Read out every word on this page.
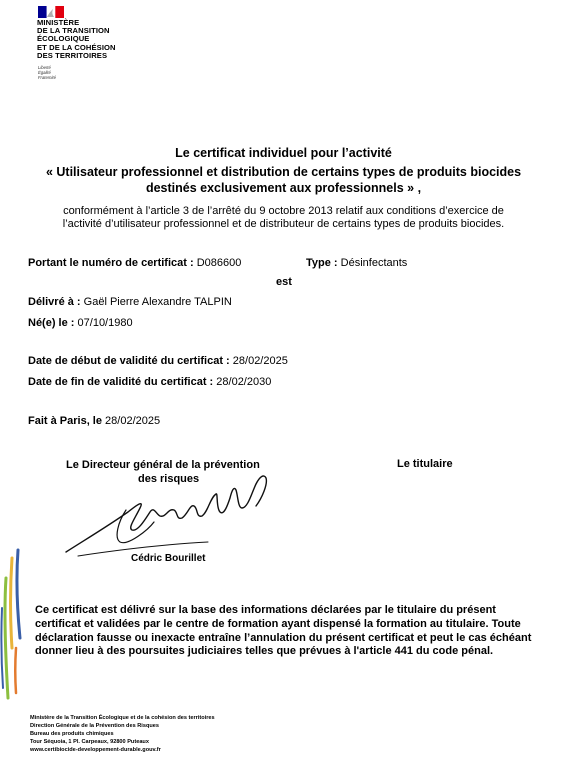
MINISTÈRE
DE LA TRANSITION
ÉCOLOGIQUE
ET DE LA COHÉSION
DES TERRITOIRES
Liberté
Égalité
Fraternité
Le certificat individuel pour l’activité
« Utilisateur professionnel et distribution de certains types de produits biocides
destinés exclusivement aux professionnels » ,
conformément à l’article 3 de l’arrêté du 9 octobre 2013 relatif aux conditions d’exercice de
l’activité d’utilisateur professionnel et de distributeur de certains types de produits biocides.
Portant le numéro de certificat : D086600	Type : Désinfectants
est
Délivré à : Gaël Pierre Alexandre TALPIN
Né(e) le : 07/10/1980
Date de début de validité du certificat : 28/02/2025
Date de fin de validité du certificat : 28/02/2030
Fait à Paris, le 28/02/2025
Le Directeur général de la prévention
des risques
Le titulaire
Cédric Bourillet
Ce certificat est délivré sur la base des informations déclarées par le titulaire du présent certificat et validées par le centre de formation ayant dispensé la formation au titulaire. Toute déclaration fausse ou inexacte entraîne l’annulation du présent certificat et peut le cas échéant donner lieu à des poursuites judiciaires telles que prévues à l'article 441 du code pénal.
Ministère de la Transition Écologique et de la cohésion des territoires
Direction Générale de la Prévention des Risques
Bureau des produits chimiques
Tour Séquoia, 1 Pl. Carpeaux, 92800 Puteaux
www.certibiocide-developpement-durable.gouv.fr
